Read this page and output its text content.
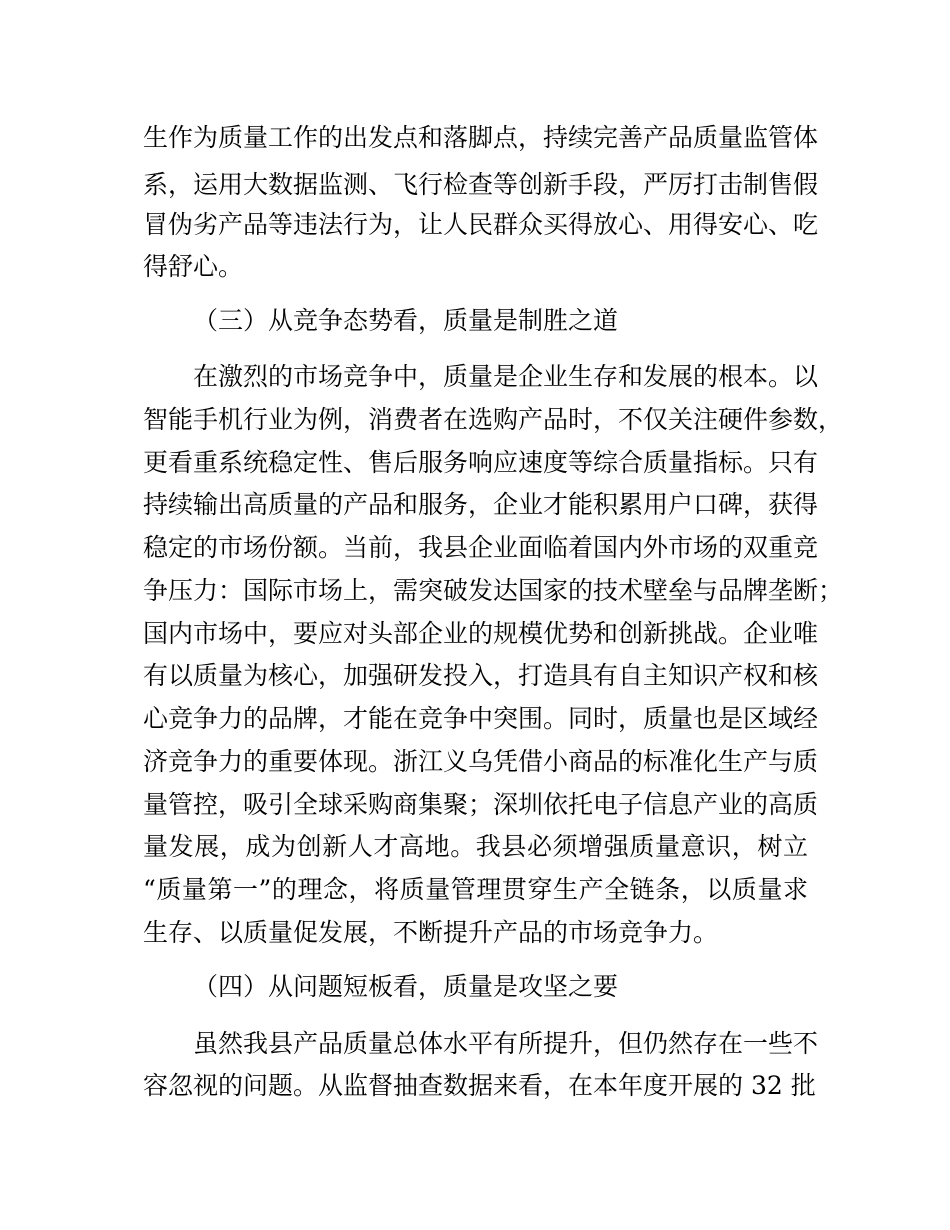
生作为质量工作的出发点和落脚点，持续完善产品质量监管体
系，运用大数据监测、飞行检查等创新手段，严厉打击制售假
冒伪劣产品等违法行为，让人民群众买得放心、用得安心、吃
得舒心。
（三）从竞争态势看，质量是制胜之道
在激烈的市场竞争中，质量是企业生存和发展的根本。以
智能手机行业为例，消费者在选购产品时，不仅关注硬件参数，
更看重系统稳定性、售后服务响应速度等综合质量指标。只有
持续输出高质量的产品和服务，企业才能积累用户口碑，获得
稳定的市场份额。当前，我县企业面临着国内外市场的双重竞
争压力：国际市场上，需突破发达国家的技术壁垒与品牌垄断；
国内市场中，要应对头部企业的规模优势和创新挑战。企业唯
有以质量为核心，加强研发投入，打造具有自主知识产权和核
心竞争力的品牌，才能在竞争中突围。同时，质量也是区域经
济竞争力的重要体现。浙江义乌凭借小商品的标准化生产与质
量管控，吸引全球采购商集聚；深圳依托电子信息产业的高质
量发展，成为创新人才高地。我县必须增强质量意识，树立
“质量第一”的理念，将质量管理贯穿生产全链条，以质量求
生存、以质量促发展，不断提升产品的市场竞争力。
（四）从问题短板看，质量是攻坚之要
虽然我县产品质量总体水平有所提升，但仍然存在一些不
容忽视的问题。从监督抽查数据来看，在本年度开展的 32 批
